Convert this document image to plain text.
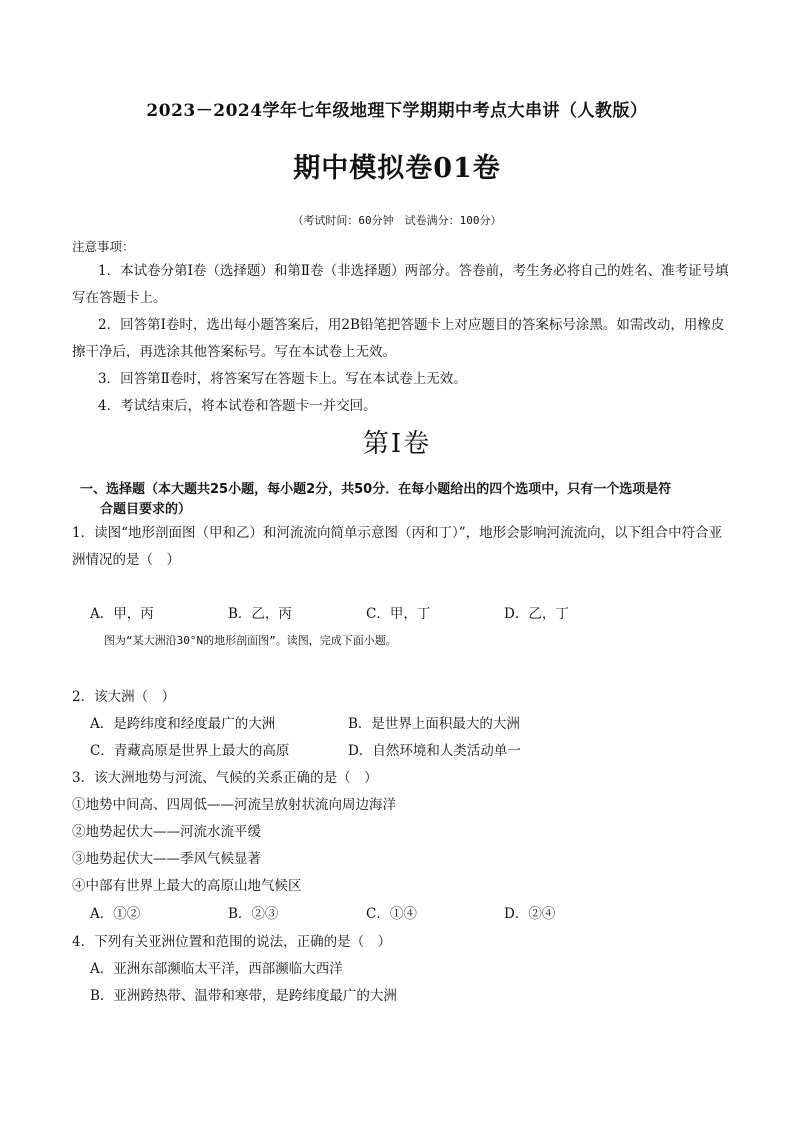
2023－2024学年七年级地理下学期期中考点大串讲（人教版）
期中模拟卷01卷
（考试时间：60分钟　试卷满分：100分）
注意事项：
1．本试卷分第Ⅰ卷（选择题）和第Ⅱ卷（非选择题）两部分。答卷前，考生务必将自己的姓名、准考证号填写在答题卡上。
2．回答第Ⅰ卷时，选出每小题答案后，用2B铅笔把答题卡上对应题目的答案标号涂黑。如需改动，用橡皮擦干净后，再选涂其他答案标号。写在本试卷上无效。
3．回答第Ⅱ卷时，将答案写在答题卡上。写在本试卷上无效。
4．考试结束后，将本试卷和答题卡一并交回。
第Ⅰ卷
一、选择题（本大题共25小题，每小题2分，共50分．在每小题给出的四个选项中，只有一个选项是符
合题目要求的）
1．读图“地形剖面图（甲和乙）和河流流向简单示意图（丙和丁）”，地形会影响河流流向，以下组合中符合亚洲情况的是（　）
A．甲，丙	B．乙，丙	C．甲，丁	D．乙，丁
图为“某大洲沿30°N的地形剖面图”。读图，完成下面小题。
2．该大洲（　）
A．是跨纬度和经度最广的大洲	B．是世界上面积最大的大洲
C．青藏高原是世界上最大的高原	D．自然环境和人类活动单一
3．该大洲地势与河流、气候的关系正确的是（　）
①地势中间高、四周低——河流呈放射状流向周边海洋
②地势起伏大——河流水流平缓
③地势起伏大——季风气候显著
④中部有世界上最大的高原山地气候区
A．①②	B．②③	C．①④	D．②④
4．下列有关亚洲位置和范围的说法，正确的是（　）
A．亚洲东部濒临太平洋，西部濒临大西洋
B．亚洲跨热带、温带和寒带，是跨纬度最广的大洲
